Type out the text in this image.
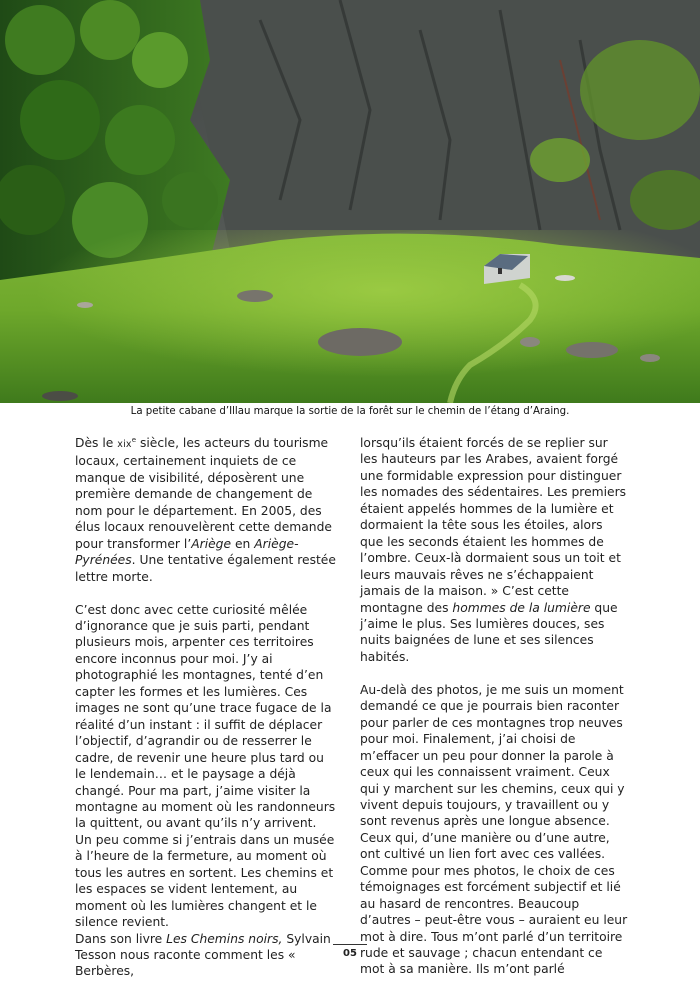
La petite cabane d’Illau marque la sortie de la forêt sur le chemin de l’étang d’Araing.

Dès le xix$^e$ siècle, les acteurs du tourisme locaux, certainement inquiets de ce manque de visibilité, déposèrent une première demande de changement de nom pour le département. En 2005, des élus locaux renouvelèrent cette demande pour transformer l’Ariège en Ariège-Pyrénées. Une tentative également restée lettre morte.

C’est donc avec cette curiosité mêlée d’ignorance que je suis parti, pendant plusieurs mois, arpenter ces territoires encore inconnus pour moi. J’y ai photographié les montagnes, tenté d’en capter les formes et les lumières. Ces images ne sont qu’une trace fugace de la réalité d’un instant : il suffit de déplacer l’objectif, d’agrandir ou de resserrer le cadre, de revenir une heure plus tard ou le lendemain… et le paysage a déjà changé. Pour ma part, j’aime visiter la montagne au moment où les randonneurs la quittent, ou avant qu’ils n’y arrivent. Un peu comme si j’entrais dans un musée à l’heure de la fermeture, au moment où tous les autres en sortent. Les chemins et les espaces se vident lentement, au moment où les lumières changent et le silence revient.

Dans son livre Les Chemins noirs, Sylvain Tesson nous raconte comment les « Berbères,

lorsqu’ils étaient forcés de se replier sur les hauteurs par les Arabes, avaient forgé une formidable expression pour distinguer les nomades des sédentaires. Les premiers étaient appelés hommes de la lumière et dormaient la tête sous les étoiles, alors que les seconds étaient les hommes de l’ombre. Ceux-là dormaient sous un toit et leurs mauvais rêves ne s’échappaient jamais de la maison. » C’est cette montagne des hommes de la lumière que j’aime le plus. Ses lumières douces, ses nuits baignées de lune et ses silences habités.

Au-delà des photos, je me suis un moment demandé ce que je pourrais bien raconter pour parler de ces montagnes trop neuves pour moi. Finalement, j’ai choisi de m’effacer un peu pour donner la parole à ceux qui les connaissent vraiment. Ceux qui y marchent sur les chemins, ceux qui y vivent depuis toujours, y travaillent ou y sont revenus après une longue absence. Ceux qui, d’une manière ou d’une autre, ont cultivé un lien fort avec ces vallées. Comme pour mes photos, le choix de ces témoignages est forcément subjectif et lié au hasard de rencontres. Beaucoup d’autres – peut-être vous – auraient eu leur mot à dire. Tous m’ont parlé d’un territoire rude et sauvage ; chacun entendant ce mot à sa manière. Ils m’ont parlé

05
